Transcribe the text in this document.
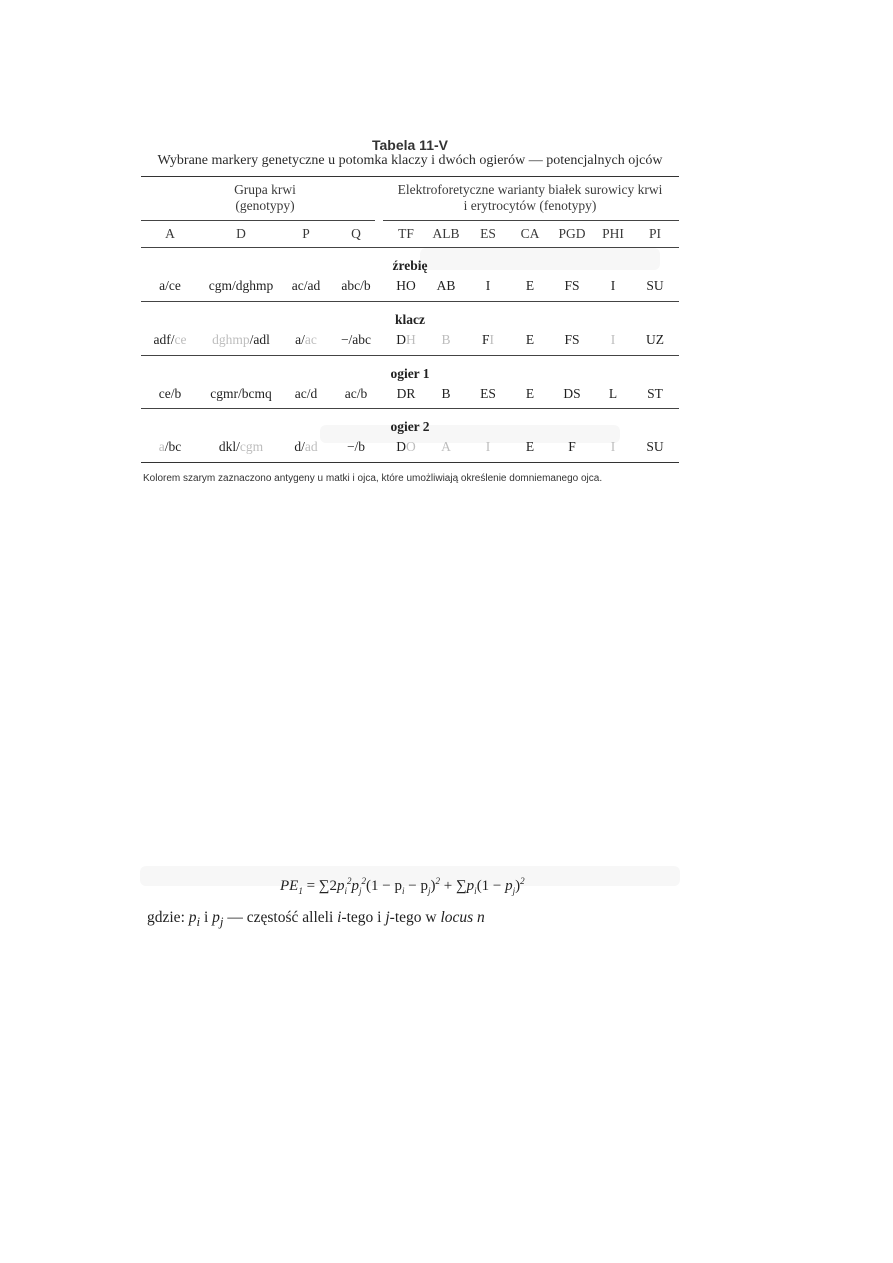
Tabela 11-V
Wybrane markery genetyczne u potomka klaczy i dwóch ogierów — potencjalnych ojców
Grupa krwi
(genotypy)
Elektroforetyczne warianty białek surowicy krwi
i erytrocytów (fenotypy)
A	D	P	Q	TF ALB ES CA PGD PHI PI
źrebię
a/ce cgm/dghmp ac/ad abc/b HO AB I	E FS I SU
klacz
adf/ce dghmp/adl a/ac −/abc DH B FI E FS I UZ
ogier 1
ce/b cgmr/bcmq ac/d ac/b DR B ES E DS L ST
ogier 2
a/bc	dkl/cgm d/ad −/b DO A	I	E	F	I SU
Kolorem szarym zaznaczono antygeny u matki i ojca, które umożliwiają określenie domniemanego ojca.
$PE_1 = \sum 2p_i^2p_j^2(1 - p_i - p_j)^2 + \sum p_i(1 - p_j)^2$
gdzie: $p_i$ i $p_j$ — częstość alleli i-tego i j-tego w locus n
